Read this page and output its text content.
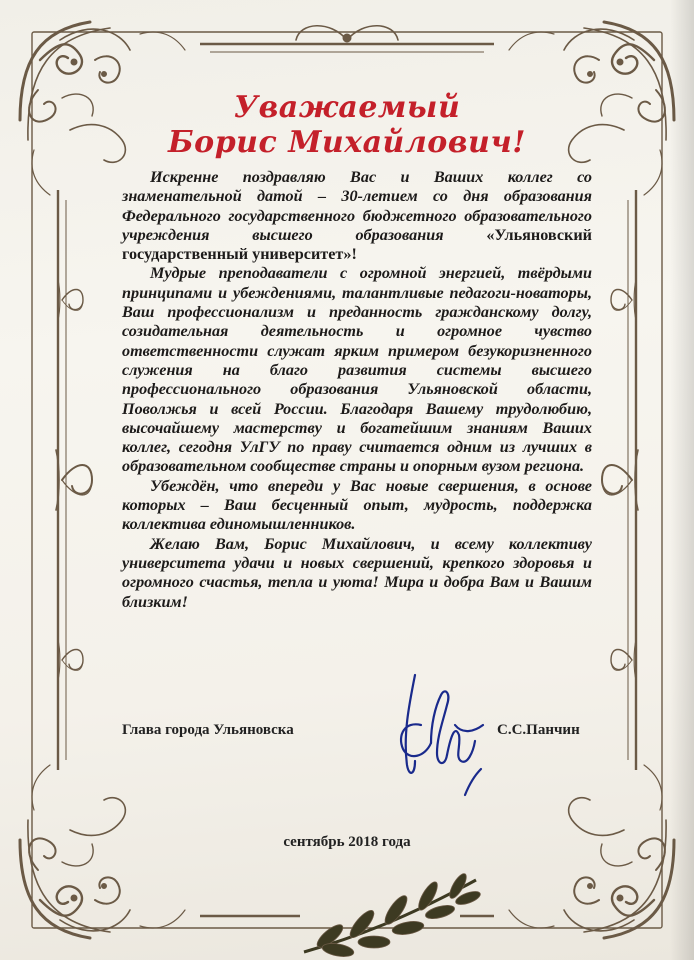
Уважаемый
Борис Михайлович!

Искренне поздравляю Вас и Ваших коллег со знаменательной датой – 30-летием со дня образования Федерального государственного бюджетного образовательного учреждения высшего образования	«Ульяновский государственный университет»!

Мудрые преподаватели с огромной энергией, твёрдыми принципами и убеждениями, талантливые педагоги-новаторы, Ваш профессионализм и преданность гражданскому долгу, созидательная деятельность и огромное чувство ответственности служат ярким примером безукоризненного служения на благо развития системы высшего профессионального образования Ульяновской области, Поволжья и всей России. Благодаря Вашему трудолюбию, высочайшему мастерству и богатейшим знаниям Ваших коллег, сегодня УлГУ по праву считается одним из лучших в образовательном сообществе страны и опорным вузом региона.

Убеждён, что впереди у Вас новые свершения, в основе которых – Ваш бесценный опыт, мудрость, поддержка коллектива единомышленников.

Желаю Вам, Борис Михайлович, и всему коллективу университета удачи и новых свершений, крепкого здоровья и огромного счастья, тепла и уюта! Мира и добра Вам и Вашим близким!

Глава города Ульяновска	С.С.Панчин
сентябрь 2018 года
